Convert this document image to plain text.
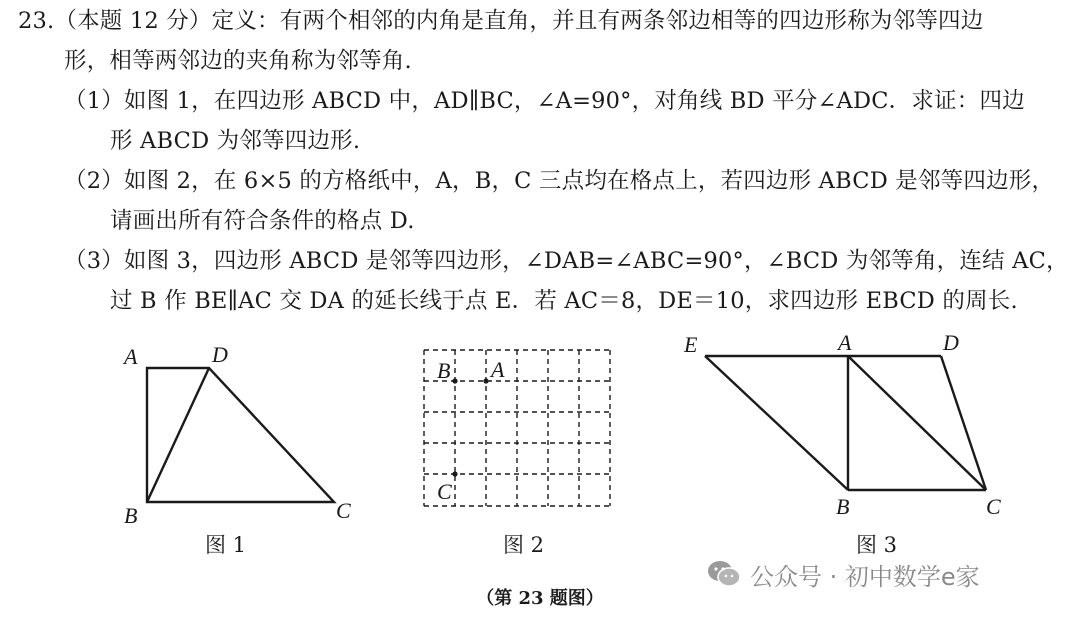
23.（本题 12 分）定义：有两个相邻的内角是直角，并且有两条邻边相等的四边形称为邻等四边
形，相等两邻边的夹角称为邻等角.
（1）如图 1，在四边形 ABCD 中，AD∥BC，∠A=90°，对角线 BD 平分∠ADC．求证：四边
形 ABCD 为邻等四边形.
（2）如图 2，在 6×5 的方格纸中，A，B，C 三点均在格点上，若四边形 ABCD 是邻等四边形，
请画出所有符合条件的格点 D.
（3）如图 3，四边形 ABCD 是邻等四边形，∠DAB=∠ABC=90°，∠BCD 为邻等角，连结 AC，
过 B 作 BE∥AC 交 DA 的延长线于点 E．若 AC＝8，DE＝10，求四边形 EBCD 的周长.
A	D
B	C
图 1
B A
C
图 2
E	A	D
B	C
图 3
（第 23 题图）
公众号 · 初中数学e家
